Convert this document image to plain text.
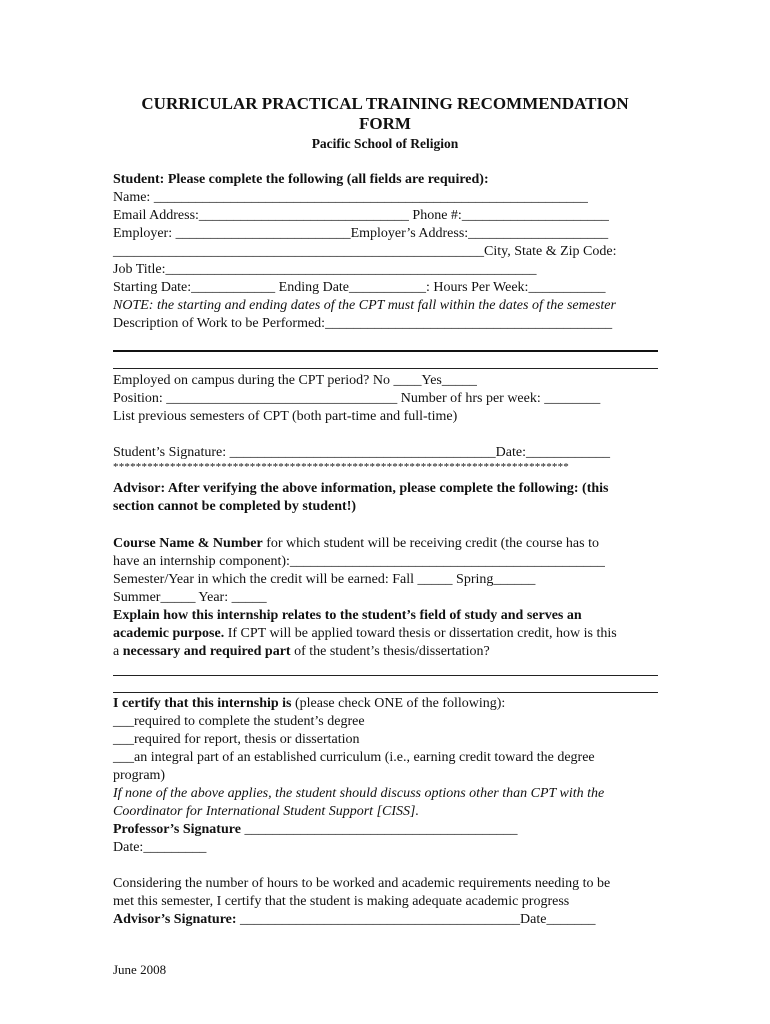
CURRICULAR PRACTICAL TRAINING RECOMMENDATION
FORM
Pacific School of Religion
Student: Please complete the following (all fields are required):
Name: ______________________________________________________________
Email Address:______________________________ Phone #:_____________________
Employer: _________________________Employer’s Address:____________________
_____________________________________________________City, State & Zip Code:
Job Title:_____________________________________________________
Starting Date:____________ Ending Date___________: Hours Per Week:___________
NOTE: the starting and ending dates of the CPT must fall within the dates of the semester
Description of Work to be Performed:_________________________________________
Employed on campus during the CPT period? No ____Yes_____
Position: _________________________________ Number of hrs per week: ________
List previous semesters of CPT (both part-time and full-time)
Student’s Signature: ______________________________________Date:____________
********************************************************************************
Advisor: After verifying the above information, please complete the following: (this
section cannot be completed by student!)
Course Name & Number for which student will be receiving credit (the course has to
have an internship component):_____________________________________________
Semester/Year in which the credit will be earned: Fall _____ Spring______
Summer_____ Year: _____
Explain how this internship relates to the student’s field of study and serves an
academic purpose. If CPT will be applied toward thesis or dissertation credit, how is this
a necessary and required part of the student’s thesis/dissertation?
I certify that this internship is (please check ONE of the following):
___required to complete the student’s degree
___required for report, thesis or dissertation
___an integral part of an established curriculum (i.e., earning credit toward the degree
program)
If none of the above applies, the student should discuss options other than CPT with the
Coordinator for International Student Support [CISS].
Professor’s Signature _______________________________________
Date:_________
Considering the number of hours to be worked and academic requirements needing to be
met this semester, I certify that the student is making adequate academic progress
Advisor’s Signature: ________________________________________Date_______
June 2008
